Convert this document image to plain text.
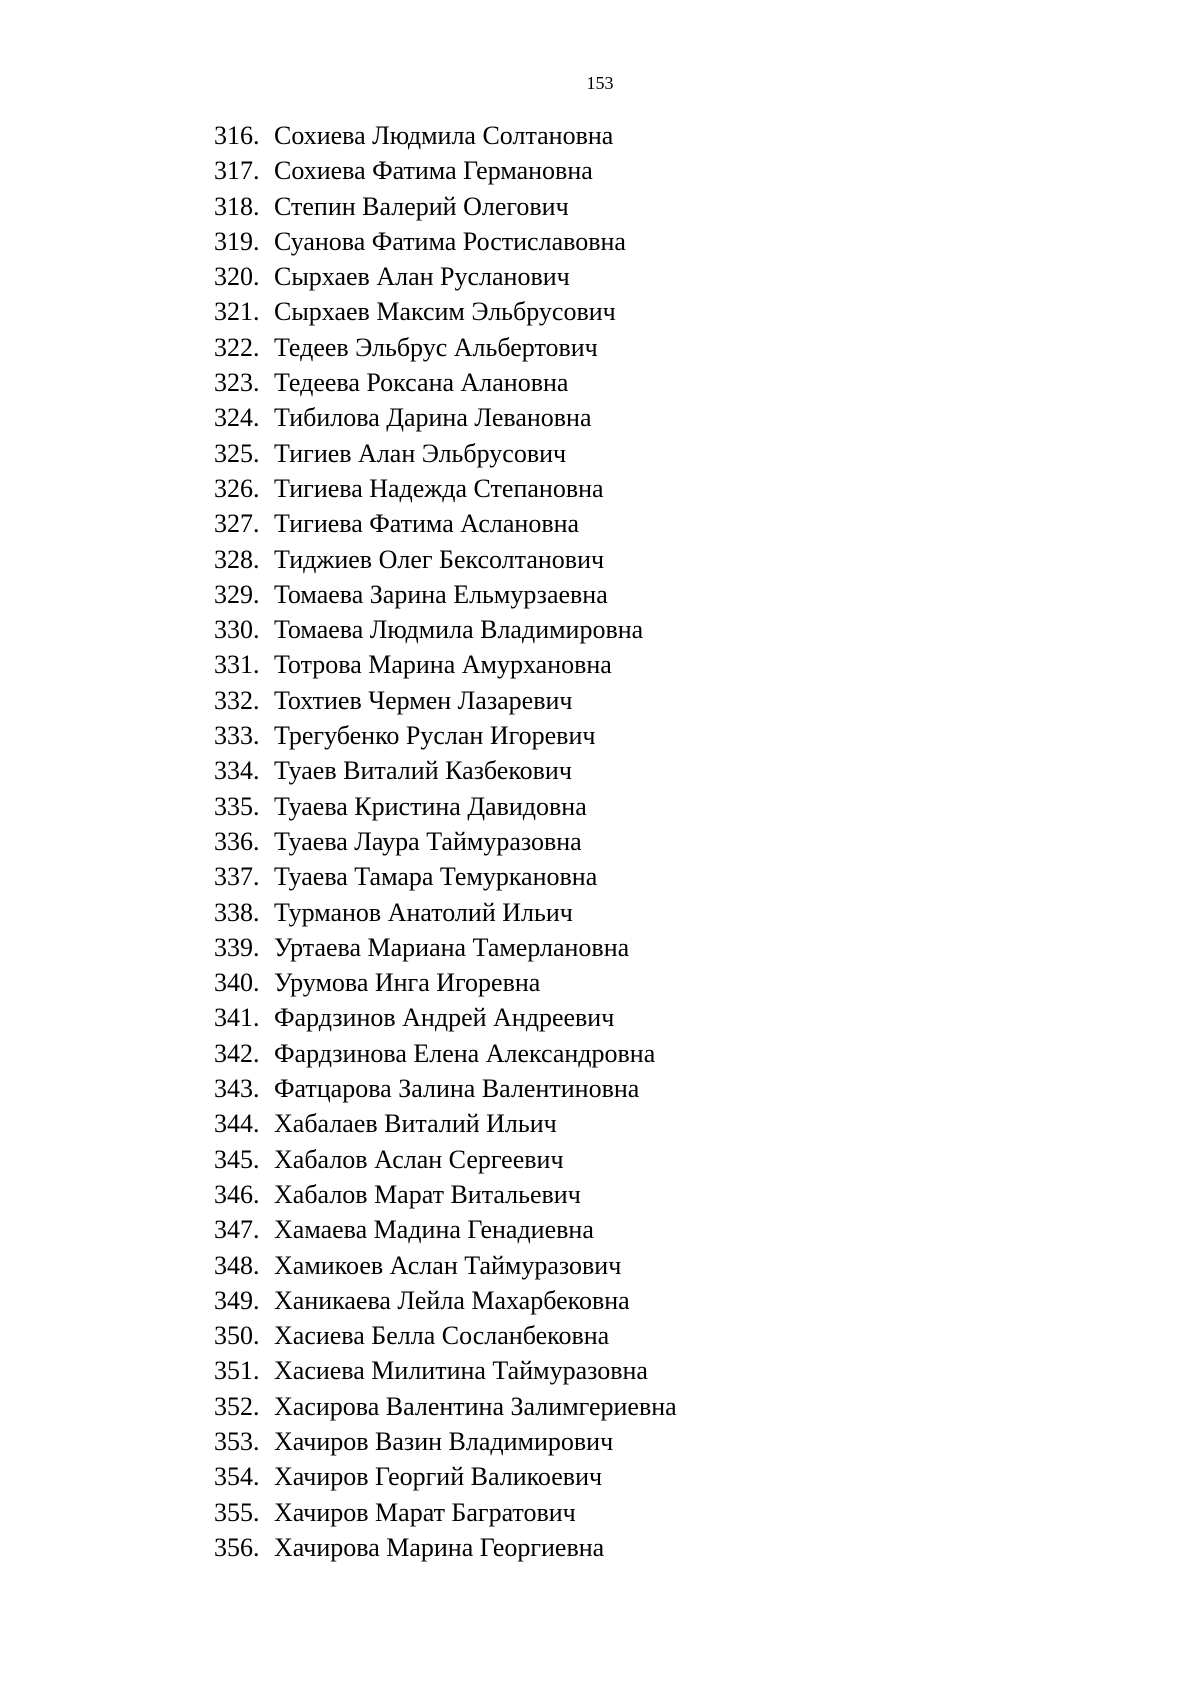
153
316. Сохиева Людмила Солтановна
317. Сохиева Фатима Германовна
318. Степин Валерий Олегович
319. Суанова Фатима Ростиславовна
320. Сырхаев Алан Русланович
321. Сырхаев Максим Эльбрусович
322. Тедеев Эльбрус Альбертович
323. Тедеева Роксана Алановна
324. Тибилова Дарина Левановна
325. Тигиев Алан Эльбрусович
326. Тигиева Надежда Степановна
327. Тигиева Фатима Аслановна
328. Тиджиев Олег Бексолтанович
329. Томаева Зарина Ельмурзаевна
330. Томаева Людмила Владимировна
331. Тотрова Марина Амурхановна
332. Тохтиев Чермен Лазаревич
333. Трегубенко Руслан Игоревич
334. Туаев Виталий Казбекович
335. Туаева Кристина Давидовна
336. Туаева Лаура Таймуразовна
337. Туаева Тамара Темуркановна
338. Турманов Анатолий Ильич
339. Уртаева Мариана Тамерлановна
340. Урумова Инга Игоревна
341. Фардзинов Андрей Андреевич
342. Фардзинова Елена Александровна
343. Фатцарова Залина Валентиновна
344. Хабалаев Виталий Ильич
345. Хабалов Аслан Сергеевич
346. Хабалов Марат Витальевич
347. Хамаева Мадина Генадиевна
348. Хамикоев Аслан Таймуразович
349. Ханикаева Лейла Махарбековна
350. Хасиева Белла Сосланбековна
351. Хасиева Милитина Таймуразовна
352. Хасирова Валентина Залимгериевна
353. Хачиров Вазин Владимирович
354. Хачиров Георгий Валикоевич
355. Хачиров Марат Багратович
356. Хачирова Марина Георгиевна
